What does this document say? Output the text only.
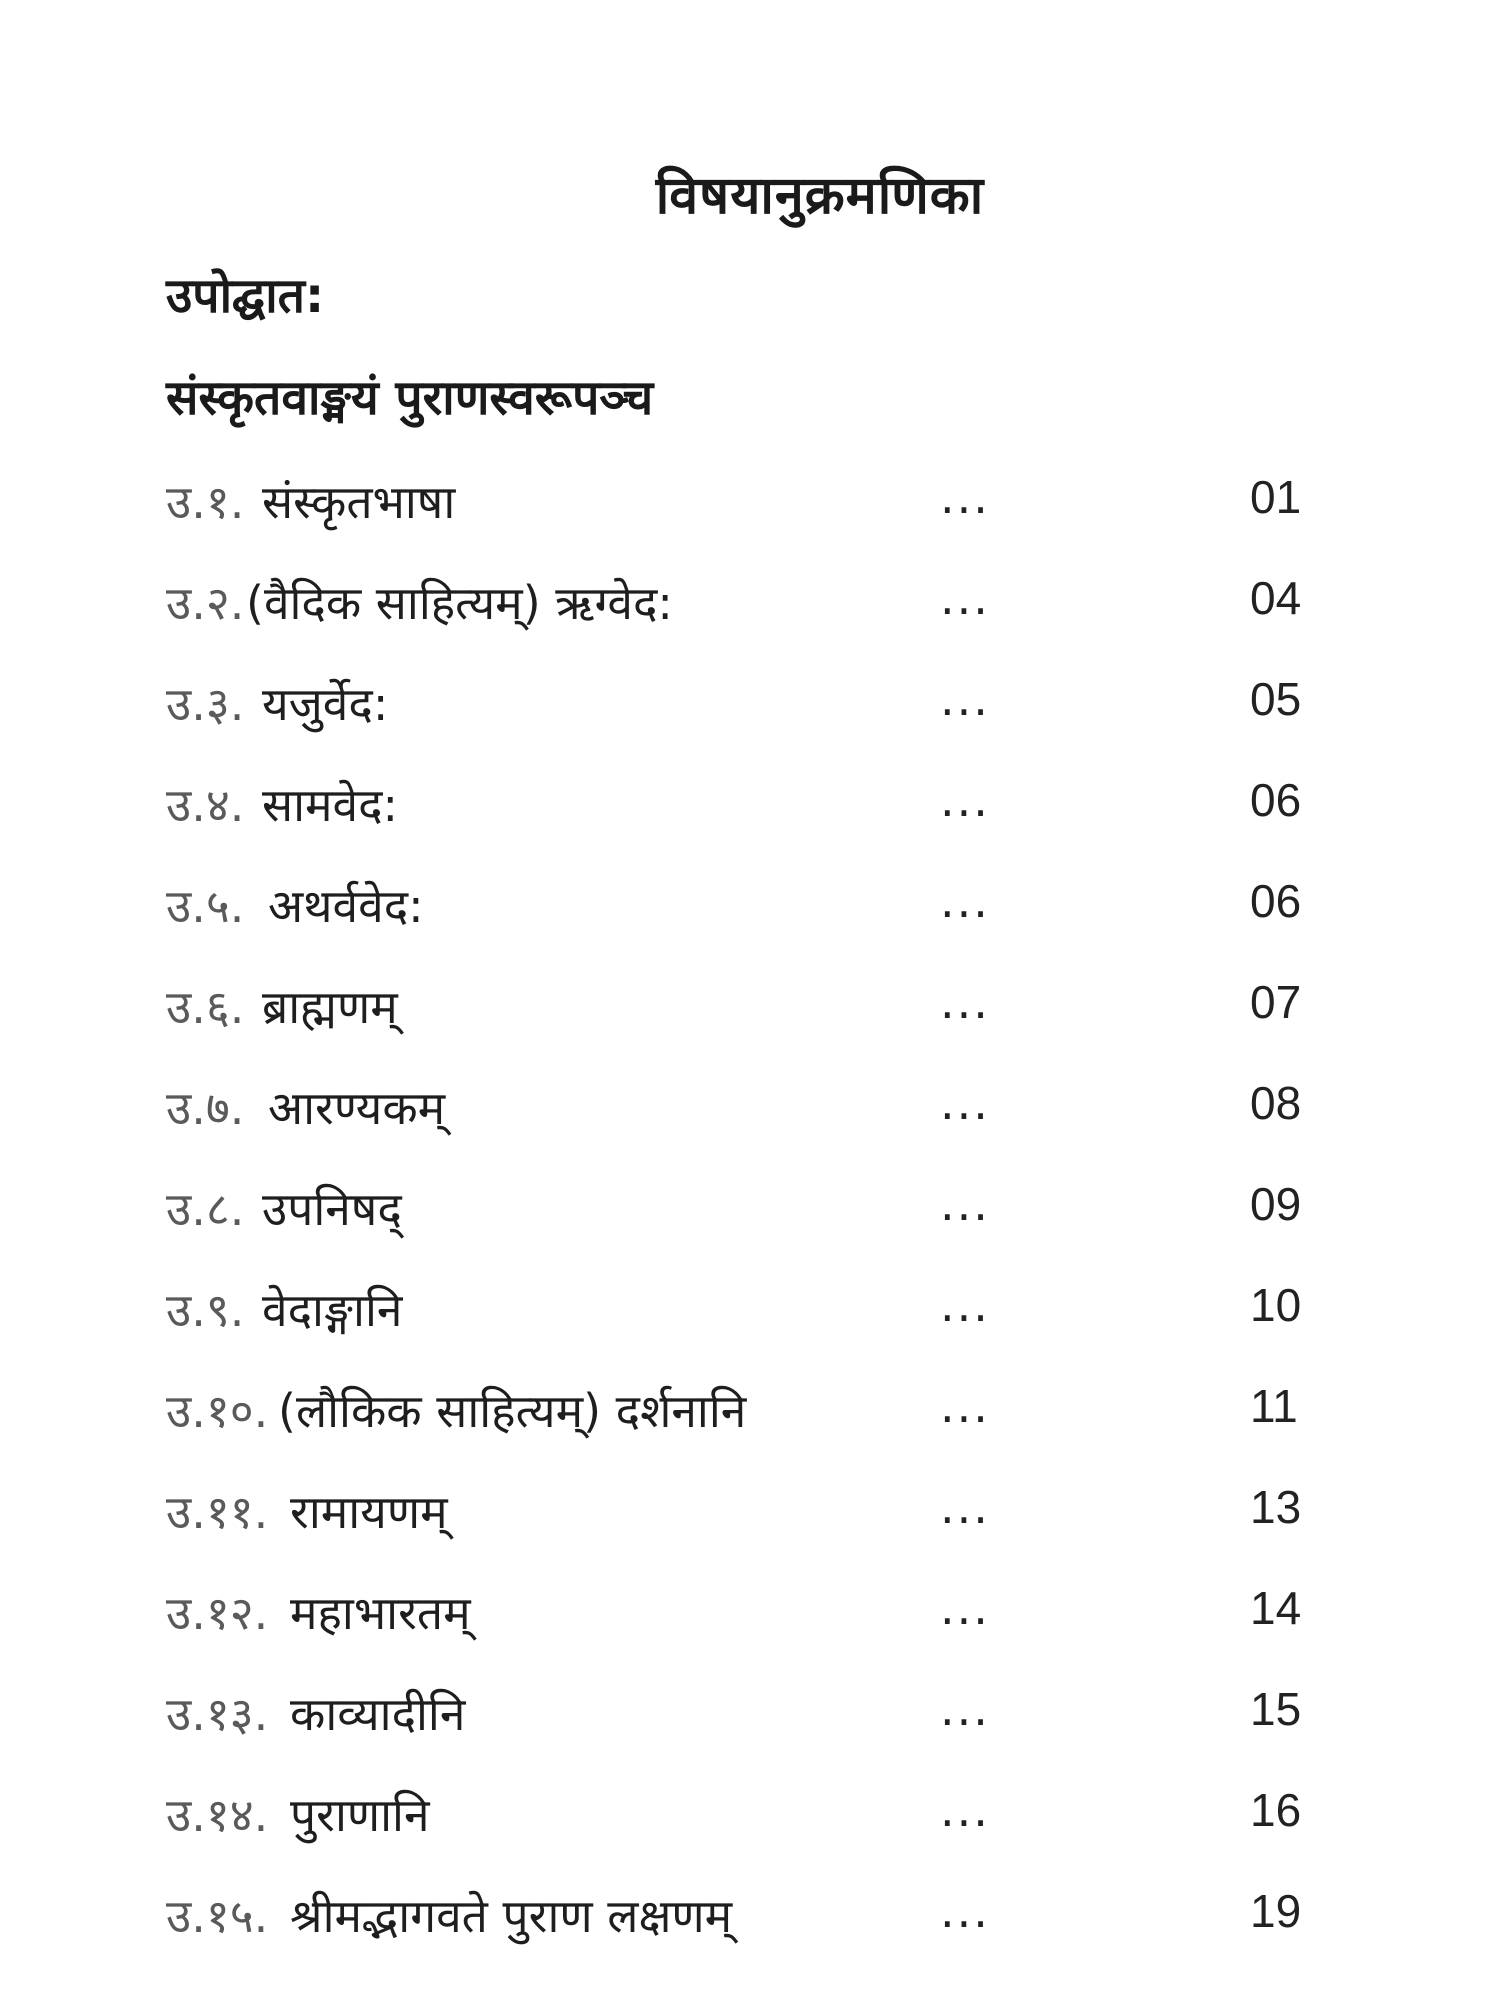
विषयानुक्रमणिका
उपोद्घात:
संस्कृतवाङ्मयं पुराणस्वरूपञ्च
उ.१. संस्कृतभाषा	...	01
उ.२. (वैदिक साहित्यम्) ऋग्वेद:	...	04
उ.३. यजुर्वेद:	...	05
उ.४. सामवेद:	...	06
उ.५. अथर्ववेद:	...	06
उ.६. ब्राह्मणम्	...	07
उ.७. आरण्यकम्	...	08
उ.८. उपनिषद्	...	09
उ.९. वेदाङ्गानि	...	10
उ.१०. (लौकिक साहित्यम्) दर्शनानि	...	11
उ.११. रामायणम्	...	13
उ.१२. महाभारतम्	...	14
उ.१३. काव्यादीनि	...	15
उ.१४. पुराणानि	...	16
उ.१५. श्रीमद्भागवते पुराण लक्षणम्	...	19
